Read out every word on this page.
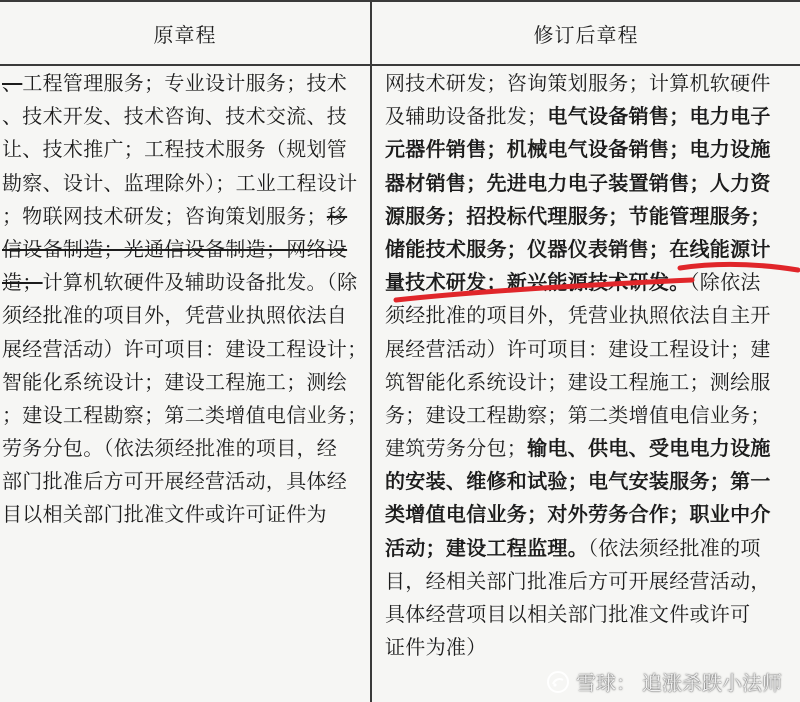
原章程	修订后章程
、工程管理服务；专业设计服务；技术
、技术开发、技术咨询、技术交流、技
让、技术推广；工程技术服务（规划管
勘察、设计、监理除外）；工业工程设计
；物联网技术研发；咨询策划服务；移
信设备制造；光通信设备制造；网络设
造；计算机软硬件及辅助设备批发。（除
须经批准的项目外，凭营业执照依法自
展经营活动）许可项目：建设工程设计；
智能化系统设计；建设工程施工；测绘
；建设工程勘察；第二类增值电信业务；
劳务分包。（依法须经批准的项目，经
部门批准后方可开展经营活动，具体经
目以相关部门批准文件或许可证件为
网技术研发；咨询策划服务；计算机软硬件
及辅助设备批发；电气设备销售；电力电子
元器件销售；机械电气设备销售；电力设施
器材销售；先进电力电子装置销售；人力资
源服务；招投标代理服务；节能管理服务；
储能技术服务；仪器仪表销售；在线能源计
量技术研发；新兴能源技术研发。（除依法
须经批准的项目外，凭营业执照依法自主开
展经营活动）许可项目：建设工程设计；建
筑智能化系统设计；建设工程施工；测绘服
务；建设工程勘察；第二类增值电信业务；
建筑劳务分包；输电、供电、受电电力设施
的安装、维修和试验；电气安装服务；第一
类增值电信业务；对外劳务合作；职业中介
活动；建设工程监理。（依法须经批准的项
目，经相关部门批准后方可开展经营活动，
具体经营项目以相关部门批准文件或许可
证件为准）
雪球： 追涨杀跌小法师
